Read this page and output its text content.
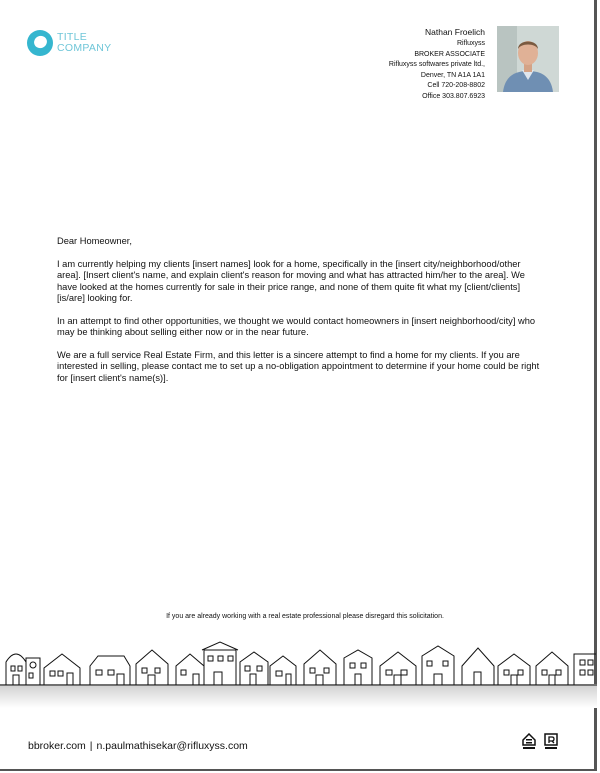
TITLE
COMPANY
Nathan Froelich
Rifluxyss
BROKER ASSOCIATE
Rifluxyss softwares private ltd.,
Denver, TN A1A 1A1
Cell 720-208-8802
Office 303.807.6923

Dear Homeowner,

I am currently helping my clients [insert names] look for a home, specifically in the [insert city/neighborhood/other area]. [Insert client's name, and explain client's reason for moving and what has attracted him/her to the area]. We have looked at the homes currently for sale in their price range, and none of them quite fit what my [client/clients] [is/are] looking for.

In an attempt to find other opportunities, we thought we would contact homeowners in [insert neighborhood/city] who may be thinking about selling either now or in the near future.

We are a full service Real Estate Firm, and this letter is a sincere attempt to find a home for my clients. If you are interested in selling, please contact me to set up a no-obligation appointment to determine if your home could be right for [insert client's name(s)].

If you are already working with a real estate professional please disregard this solicitation.
bbroker.com | n.paulmathisekar@rifluxyss.com
